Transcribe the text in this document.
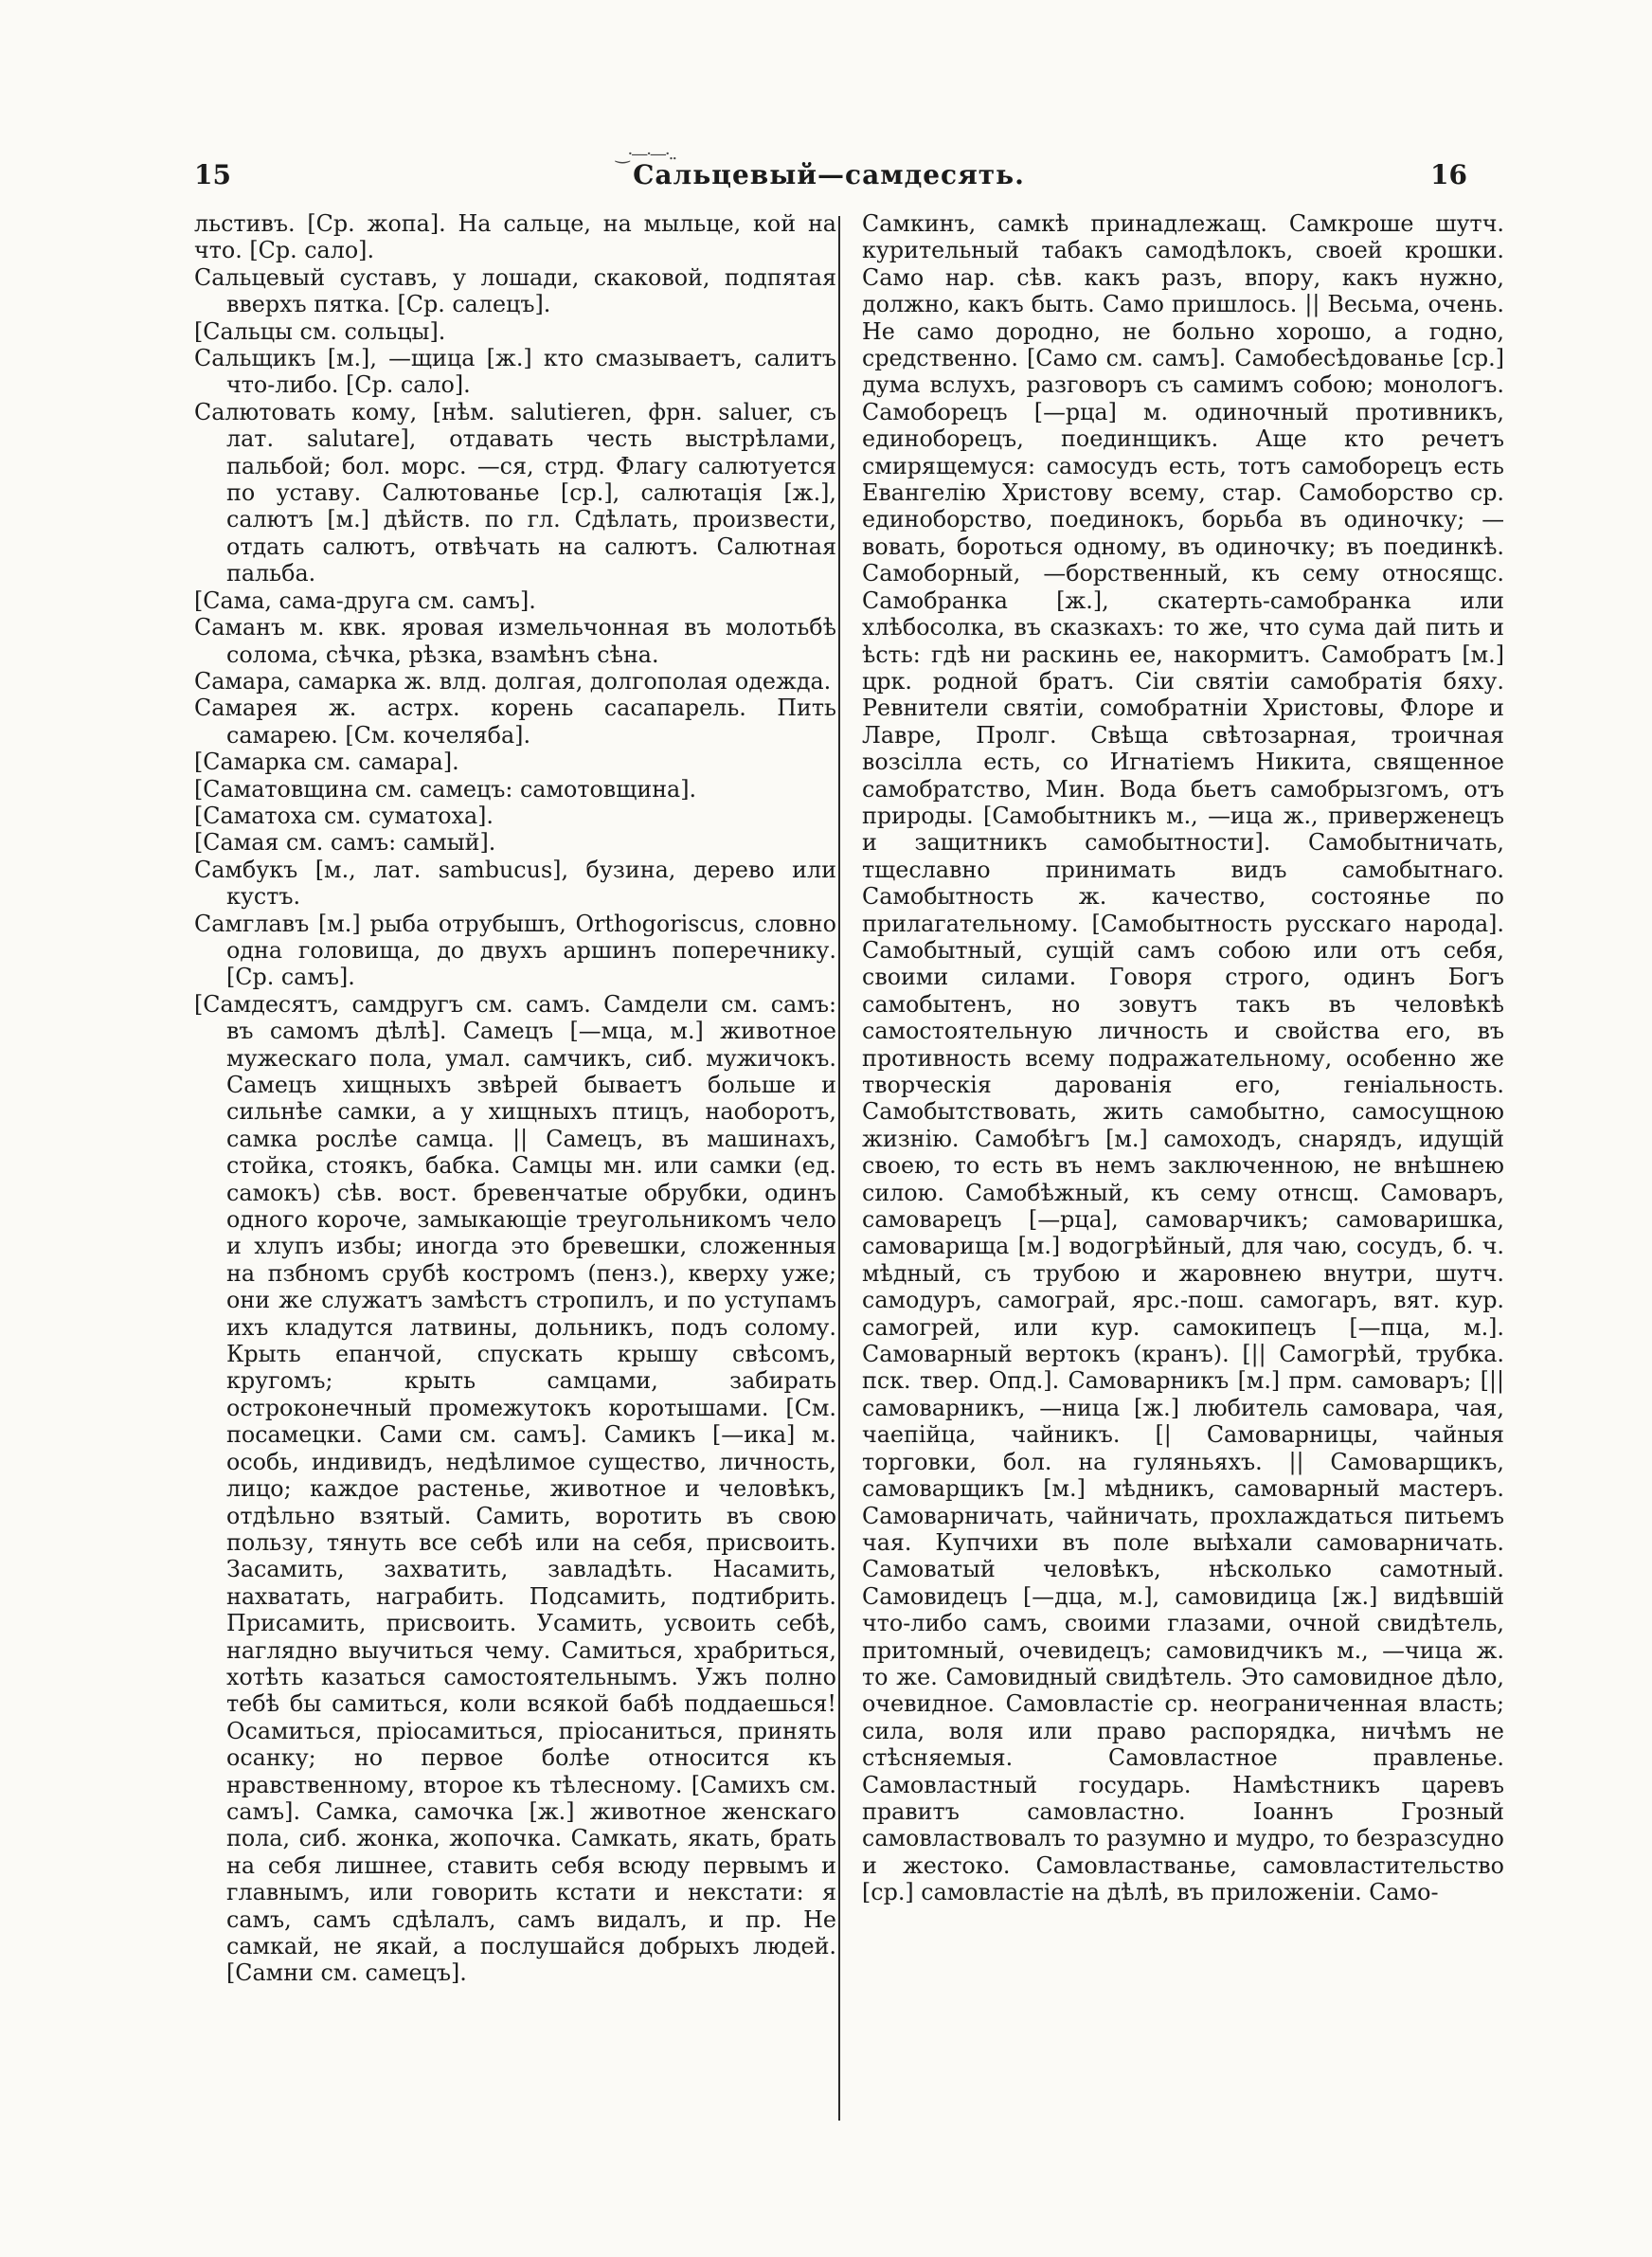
‿·—·—·..
15	Сальцевый—самдесять.	16

льстивъ. [Ср. жопа]. На сальце, на мыльце, кой на что. [Ср. сало].

Сальцевый суставъ, у лошади, скаковой, подпятая вверхъ пятка. [Ср. салецъ].

[Сальцы см. сольцы].

Сальщикъ [м.], —щица [ж.] кто смазываетъ, салитъ что-либо. [Ср. сало].

Салютовать кому, [нѣм. salutieren, фрн. saluer, съ лат. salutare], отдавать честь выстрѣлами, пальбой; бол. морс. —ся, стрд. Флагу салютуется по уставу. Салютованье [ср.], салютація [ж.], салютъ [м.] дѣйств. по гл. Сдѣлать, произвести, отдать салютъ, отвѣчать на салютъ. Салютная пальба.

[Сама, сама-друга см. самъ].

Саманъ м. квк. яровая измельчонная въ молотьбѣ солома, сѣчка, рѣзка, взамѣнъ сѣна.

Самара, самарка ж. влд. долгая, долгополая одежда.

Самарея ж. астрх. корень сасапарель. Пить самарею. [См. кочеляба].

[Самарка см. самара].

[Саматовщина см. самецъ: самотовщина].

[Саматоха см. суматоха].

[Самая см. самъ: самый].

Самбукъ [м., лат. sambucus], бузина, дерево или кустъ.

Самглавъ [м.] рыба отрубышъ, Orthogoriscus, словно одна головища, до двухъ аршинъ поперечнику. [Ср. самъ].

[Самдесятъ, самдругъ см. самъ. Самдели см. самъ: въ самомъ дѣлѣ]. Самецъ [—мца, м.] животное мужескаго пола, умал. самчикъ, сиб. мужичокъ. Самецъ хищныхъ звѣрей бываетъ больше и сильнѣе самки, а у хищныхъ птицъ, наоборотъ, самка рослѣе самца. || Самецъ, въ машинахъ, стойка, стоякъ, бабка. Самцы мн. или самки (ед. самокъ) сѣв. вост. бревенчатые обрубки, одинъ одного короче, замыкающіе треугольникомъ чело и хлупъ избы; иногда это бревешки, сложенныя на пзбномъ срубѣ костромъ (пенз.), кверху уже; они же служатъ замѣстъ стропилъ, и по уступамъ ихъ кладутся латвины, дольникъ, подъ солому. Крыть епанчой, спускать крышу свѣсомъ, кругомъ; крыть самцами, забирать остроконечный промежутокъ коротышами. [См. посамецки. Сами см. самъ]. Самикъ [—ика] м. особь, индивидъ, недѣлимое существо, личность, лицо; каждое растенье, животное и человѣкъ, отдѣльно взятый. Самить, воротить въ свою пользу, тянуть все себѣ или на себя, присвоить. Засамить, захватить, завладѣть. Насамить, нахватать, награбить. Подсамить, подтибрить. Присамить, присвоить. Усамить, усвоить себѣ, наглядно выучиться чему. Самиться, храбриться, хотѣть казаться самостоятельнымъ. Ужъ полно тебѣ бы самиться, коли всякой бабѣ поддаешься! Осамиться, пріосамиться, пріосаниться, принять осанку; но первое болѣе относится къ нравственному, второе къ тѣлесному. [Самихъ см. самъ]. Самка, самочка [ж.] животное женскаго пола, сиб. жонка, жопочка. Самкать, якать, брать на себя лишнее, ставить себя всюду первымъ и главнымъ, или говорить кстати и некстати: я самъ, самъ сдѣлалъ, самъ видалъ, и пр. Не самкай, не якай, а послушайся добрыхъ людей. [Самни см. самецъ].

Самкинъ, самкѣ принадлежащ. Самкроше шутч. курительный табакъ самодѣлокъ, своей крошки. Само нар. сѣв. какъ разъ, впору, какъ нужно, должно, какъ быть. Само пришлось. || Весьма, очень. Не само дородно, не больно хорошо, а годно, средственно. [Само см. самъ]. Самобесѣдованье [ср.] дума вслухъ, разговоръ съ самимъ собою; монологъ. Самоборецъ [—рца] м. одиночный противникъ, единоборецъ, поединщикъ. Аще кто речетъ смирящемуся: самосудъ есть, тотъ самоборецъ есть Евангелію Христову всему, стар. Самоборство ср. единоборство, поединокъ, борьба въ одиночку; —вовать, бороться одному, въ одиночку; въ поединкѣ. Самоборный, —борственный, къ сему относящс. Самобранка [ж.], скатерть-самобранка или хлѣбосолка, въ сказкахъ: то же, что сума дай пить и ѣсть: гдѣ ни раскинь ее, накормитъ. Самобратъ [м.] црк. родной братъ. Сіи святіи самобратія бяху. Ревнители святіи, сомобратніи Христовы, Флоре и Лавре, Пролг. Свѣща свѣтозарная, троичная возсілла есть, со Игнатіемъ Никита, священное самобратство, Мин. Вода бьетъ самобрызгомъ, отъ природы. [Самобытникъ м., —ица ж., приверженецъ и защитникъ самобытности]. Самобытничать, тщеславно принимать видъ самобытнаго. Самобытность ж. качество, состоянье по прилагательному. [Самобытность русскаго народа]. Самобытный, сущій самъ собою или отъ себя, своими силами. Говоря строго, одинъ Богъ самобытенъ, но зовутъ такъ въ человѣкѣ самостоятельную личность и свойства его, въ противность всему подражательному, особенно же творческія дарованія его, геніальность. Самобытствовать, жить самобытно, самосущною жизнію. Самобѣгъ [м.] самоходъ, снарядъ, идущій своею, то есть въ немъ заключенною, не внѣшнею силою. Самобѣжный, къ сему отнсщ. Самоваръ, самоварецъ [—рца], самоварчикъ; самоваришка, самоварища [м.] водогрѣйный, для чаю, сосудъ, б. ч. мѣдный, съ трубою и жаровнею внутри, шутч. самодуръ, самограй, ярс.-пош. самогаръ, вят. кур. самогрей, или кур. самокипецъ [—пца, м.]. Самоварный вертокъ (кранъ). [|| Самогрѣй, трубка. пск. твер. Опд.]. Самоварникъ [м.] прм. самоваръ; [|| самоварникъ, —ница [ж.] любитель самовара, чая, чаепійца, чайникъ. [| Самоварницы, чайныя торговки, бол. на гуляньяхъ. || Самоварщикъ, самоварщикъ [м.] мѣдникъ, самоварный мастеръ. Самоварничать, чайничать, прохлаждаться питьемъ чая. Купчихи въ поле выѣхали самоварничать. Самоватый человѣкъ, нѣсколько самотный. Самовидецъ [—дца, м.], самовидица [ж.] видѣвшій что-либо самъ, своими глазами, очной свидѣтель, притомный, очевидецъ; самовидчикъ м., —чица ж. то же. Самовидный свидѣтель. Это самовидное дѣло, очевидное. Самовластіе ср. неограниченная власть; сила, воля или право распорядка, ничѣмъ не стѣсняемыя. Самовластное правленье. Самовластный государь. Намѣстникъ царевъ правитъ самовластно. Іоаннъ Грозный самовластвовалъ то разумно и мудро, то безразсудно и жестоко. Самовластванье, самовластительство [ср.] самовластіе на дѣлѣ, въ приложеніи. Само-
